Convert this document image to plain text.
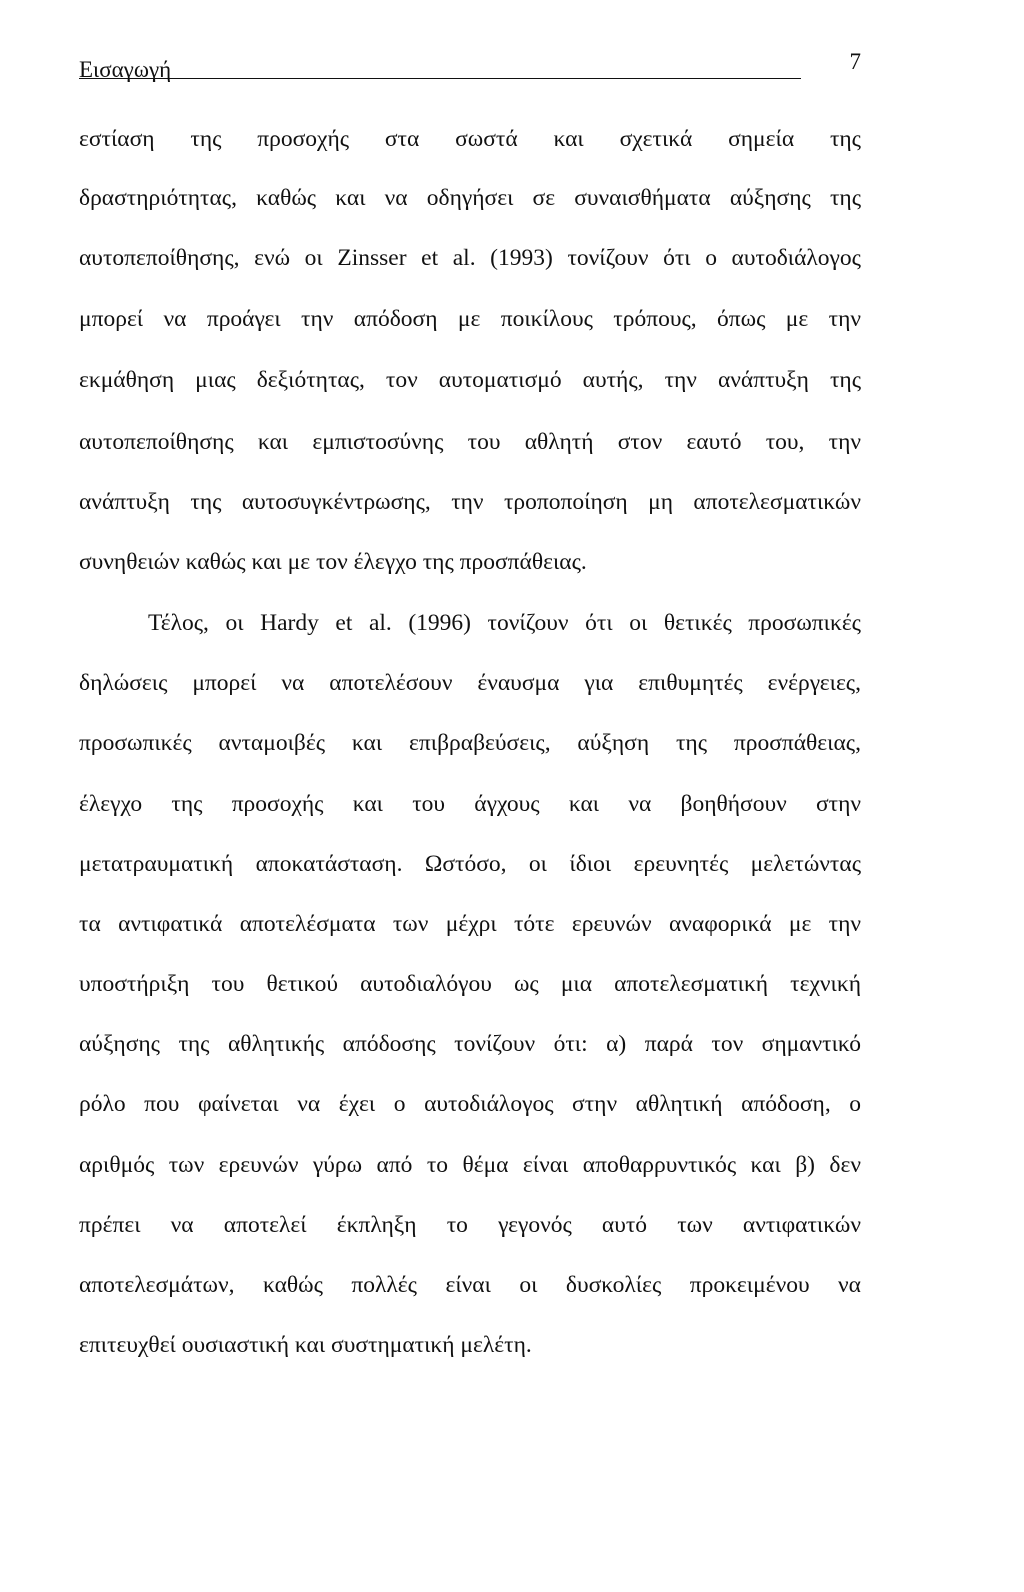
Εισαγωγή	7
εστίαση της προσοχής στα σωστά και σχετικά σημεία της
δραστηριότητας, καθώς και να οδηγήσει σε συναισθήματα αύξησης της
αυτοπεποίθησης, ενώ οι Zinsser et al. (1993) τονίζουν ότι ο αυτοδιάλογος
μπορεί να προάγει την απόδοση με ποικίλους τρόπους, όπως με την
εκμάθηση μιας δεξιότητας, τον αυτοματισμό αυτής, την ανάπτυξη της
αυτοπεποίθησης και εμπιστοσύνης του αθλητή στον εαυτό του, την
ανάπτυξη της αυτοσυγκέντρωσης, την τροποποίηση μη αποτελεσματικών
συνηθειών καθώς και με τον έλεγχο της προσπάθειας.
Τέλος, οι Hardy et al. (1996) τονίζουν ότι οι θετικές προσωπικές
δηλώσεις μπορεί να αποτελέσουν έναυσμα για επιθυμητές ενέργειες,
προσωπικές ανταμοιβές και επιβραβεύσεις, αύξηση της προσπάθειας,
έλεγχο της προσοχής και του άγχους και να βοηθήσουν στην
μετατραυματική αποκατάσταση. Ωστόσο, οι ίδιοι ερευνητές μελετώντας
τα αντιφατικά αποτελέσματα των μέχρι τότε ερευνών αναφορικά με την
υποστήριξη του θετικού αυτοδιαλόγου ως μια αποτελεσματική τεχνική
αύξησης της αθλητικής απόδοσης τονίζουν ότι: α) παρά τον σημαντικό
ρόλο που φαίνεται να έχει ο αυτοδιάλογος στην αθλητική απόδοση, ο
αριθμός των ερευνών γύρω από το θέμα είναι αποθαρρυντικός και β) δεν
πρέπει να αποτελεί έκπληξη το γεγονός αυτό των αντιφατικών
αποτελεσμάτων, καθώς πολλές είναι οι δυσκολίες προκειμένου να
επιτευχθεί ουσιαστική και συστηματική μελέτη.
